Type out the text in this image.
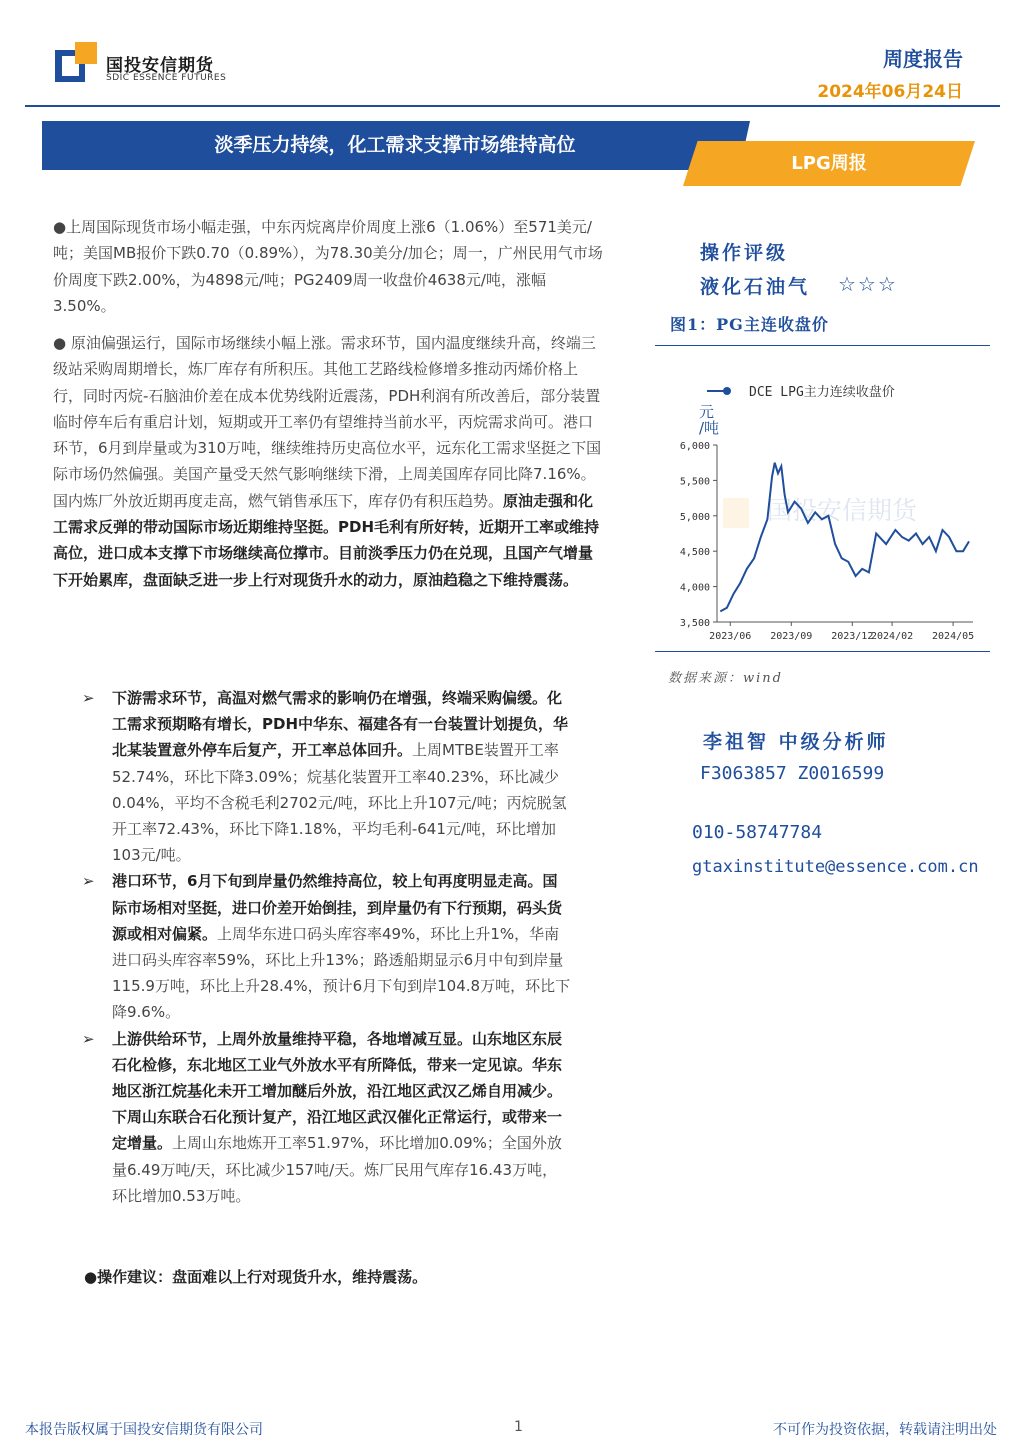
国投安信期货
SDIC ESSENCE FUTURES
周度报告
2024年06月24日
淡季压力持续，化工需求支撑市场维持高位
LPG周报
●上周国际现货市场小幅走强，中东丙烷离岸价周度上涨6（1.06%）至571美元/吨；美国MB报价下跌0.70（0.89%），为78.30美分/加仑；周一，广州民用气市场价周度下跌2.00%，为4898元/吨；PG2409周一收盘价4638元/吨，涨幅3.50%。
● 原油偏强运行，国际市场继续小幅上涨。需求环节，国内温度继续升高，终端三级站采购周期增长，炼厂库存有所积压。其他工艺路线检修增多推动丙烯价格上行，同时丙烷-石脑油价差在成本优势线附近震荡，PDH利润有所改善后，部分装置临时停车后有重启计划，短期或开工率仍有望维持当前水平，丙烷需求尚可。港口环节，6月到岸量或为310万吨，继续维持历史高位水平，远东化工需求坚挺之下国际市场仍然偏强。美国产量受天然气影响继续下滑，上周美国库存同比降7.16%。国内炼厂外放近期再度走高，燃气销售承压下，库存仍有积压趋势。原油走强和化工需求反弹的带动国际市场近期维持坚挺。PDH毛利有所好转，近期开工率或维持高位，进口成本支撑下市场继续高位撑市。目前淡季压力仍在兑现，且国产气增量下开始累库，盘面缺乏进一步上行对现货升水的动力，原油趋稳之下维持震荡。
➢ 下游需求环节，高温对燃气需求的影响仍在增强，终端采购偏缓。化工需求预期略有增长，PDH中华东、福建各有一台装置计划提负，华北某装置意外停车后复产，开工率总体回升。上周MTBE装置开工率52.74%，环比下降3.09%；烷基化装置开工率40.23%，环比减少0.04%，平均不含税毛利2702元/吨，环比上升107元/吨；丙烷脱氢开工率72.43%，环比下降1.18%，平均毛利-641元/吨，环比增加103元/吨。
➢ 港口环节，6月下旬到岸量仍然维持高位，较上旬再度明显走高。国际市场相对坚挺，进口价差开始倒挂，到岸量仍有下行预期，码头货源或相对偏紧。上周华东进口码头库容率49%，环比上升1%，华南进口码头库容率59%，环比上升13%；路透船期显示6月中旬到岸量115.9万吨，环比上升28.4%，预计6月下旬到岸104.8万吨，环比下降9.6%。
➢ 上游供给环节，上周外放量维持平稳，各地增减互显。山东地区东辰石化检修，东北地区工业气外放水平有所降低，带来一定见谅。华东地区浙江烷基化未开工增加醚后外放，沿江地区武汉乙烯自用减少。下周山东联合石化预计复产，沿江地区武汉催化正常运行，或带来一定增量。上周山东地炼开工率51.97%，环比增加0.09%；全国外放量6.49万吨/天，环比减少157吨/天。炼厂民用气库存16.43万吨，环比增加0.53万吨。
●操作建议：盘面难以上行对现货升水，维持震荡。
操作评级
液化石油气 ☆☆☆
图1：PG主连收盘价
国投安信期货
DCE LPG主力连续收盘价
元
/吨
6,000
5,500
5,000
4,500
4,000
3,500
2023/06 2023/09 2023/12
2024/02 2024/05
数据来源：wind
李祖智 中级分析师
F3063857 Z0016599
010-58747784
gtaxinstitute@essence.com.cn
本报告版权属于国投安信期货有限公司	1	不可作为投资依据，转载请注明出处
